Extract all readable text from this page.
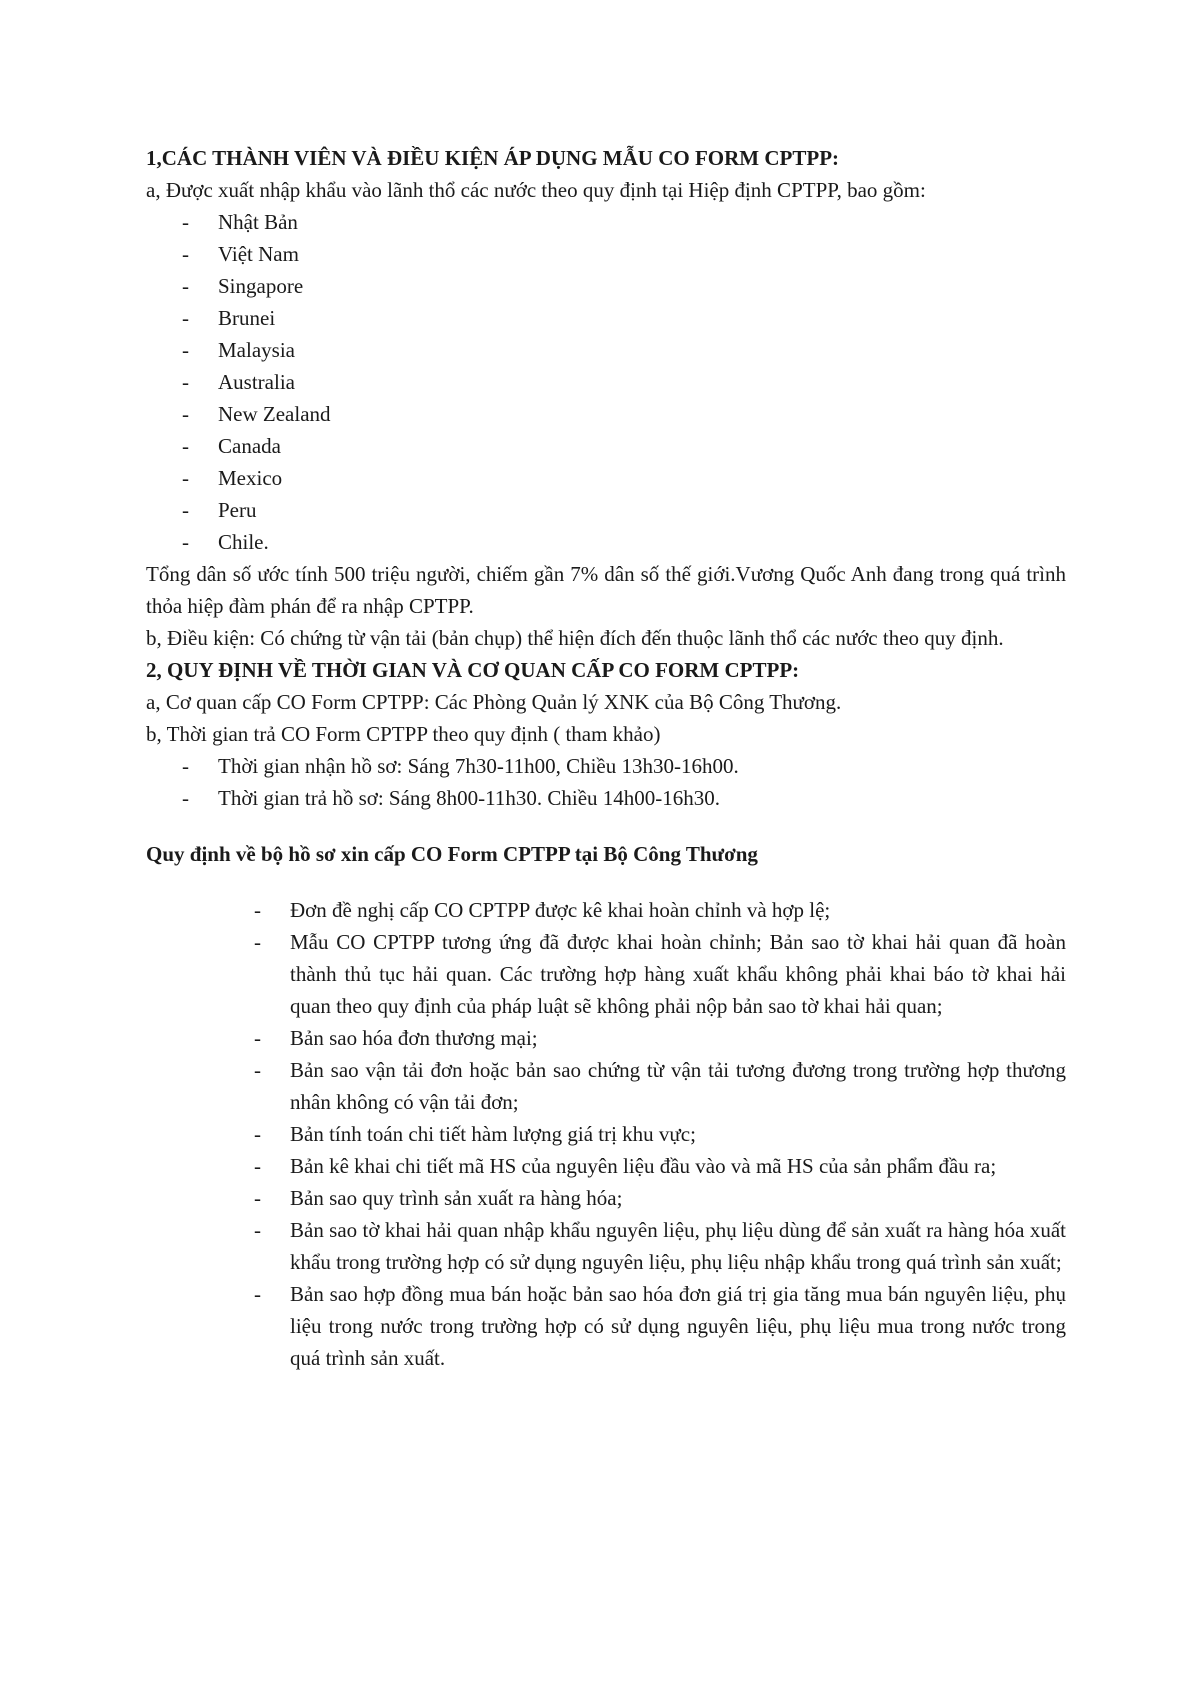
1,CÁC THÀNH VIÊN VÀ ĐIỀU KIỆN ÁP DỤNG MẪU CO FORM CPTPP:

a, Được xuất nhập khẩu vào lãnh thổ các nước theo quy định tại Hiệp định CPTPP, bao gồm:

- Nhật Bản
- Việt Nam
- Singapore
- Brunei
- Malaysia
- Australia
- New Zealand
- Canada
- Mexico
- Peru
- Chile.

Tổng dân số ước tính 500 triệu người, chiếm gần 7% dân số thế giới.Vương Quốc Anh đang trong quá trình thỏa hiệp đàm phán để ra nhập CPTPP.

b, Điều kiện: Có chứng từ vận tải (bản chụp) thể hiện đích đến thuộc lãnh thổ các nước theo quy định.

2, QUY ĐỊNH VỀ THỜI GIAN VÀ CƠ QUAN CẤP CO FORM CPTPP:

a, Cơ quan cấp CO Form CPTPP: Các Phòng Quản lý XNK của Bộ Công Thương.

b, Thời gian trả CO Form CPTPP theo quy định ( tham khảo)

- Thời gian nhận hồ sơ: Sáng 7h30-11h00, Chiều 13h30-16h00.
- Thời gian trả hồ sơ: Sáng 8h00-11h30. Chiều 14h00-16h30.

Quy định về bộ hồ sơ xin cấp CO Form CPTPP tại Bộ Công Thương

- Đơn đề nghị cấp CO CPTPP được kê khai hoàn chỉnh và hợp lệ;
- Mẫu CO CPTPP tương ứng đã được khai hoàn chỉnh; Bản sao tờ khai hải quan đã hoàn thành thủ tục hải quan. Các trường hợp hàng xuất khẩu không phải khai báo tờ khai hải quan theo quy định của pháp luật sẽ không phải nộp bản sao tờ khai hải quan;
- Bản sao hóa đơn thương mại;
- Bản sao vận tải đơn hoặc bản sao chứng từ vận tải tương đương trong trường hợp thương nhân không có vận tải đơn;
- Bản tính toán chi tiết hàm lượng giá trị khu vực;
- Bản kê khai chi tiết mã HS của nguyên liệu đầu vào và mã HS của sản phẩm đầu ra;
- Bản sao quy trình sản xuất ra hàng hóa;
- Bản sao tờ khai hải quan nhập khẩu nguyên liệu, phụ liệu dùng để sản xuất ra hàng hóa xuất khẩu trong trường hợp có sử dụng nguyên liệu, phụ liệu nhập khẩu trong quá trình sản xuất;
- Bản sao hợp đồng mua bán hoặc bản sao hóa đơn giá trị gia tăng mua bán nguyên liệu, phụ liệu trong nước trong trường hợp có sử dụng nguyên liệu, phụ liệu mua trong nước trong quá trình sản xuất.
